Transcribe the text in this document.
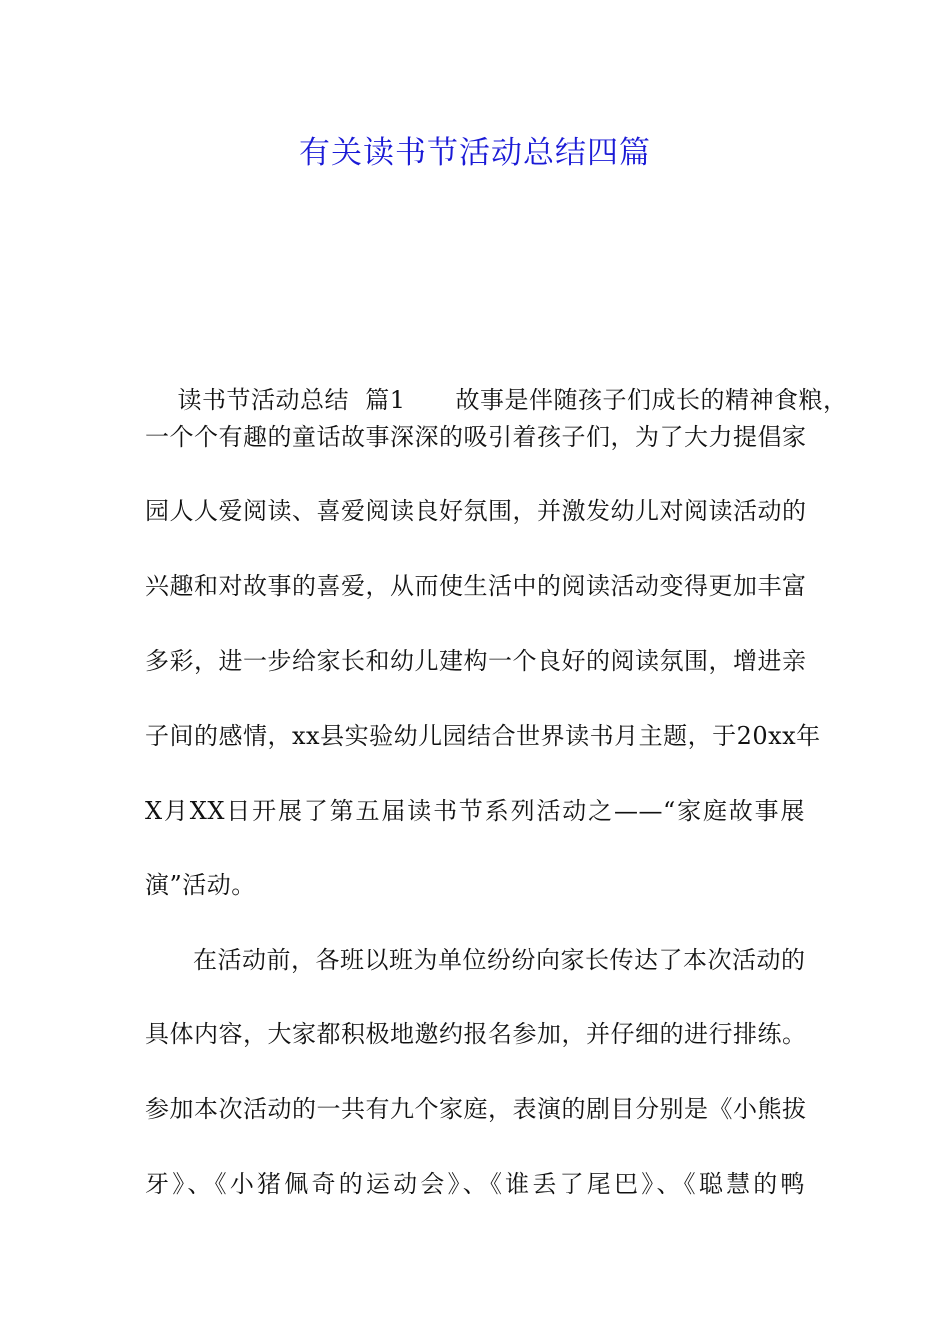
有关读书节活动总结四篇

读书节活动总结  篇1 故事是伴随孩子们成长的精神食粮，

一个个有趣的童话故事深深的吸引着孩子们，为了大力提倡家
园人人爱阅读、喜爱阅读良好氛围，并激发幼儿对阅读活动的
兴趣和对故事的喜爱，从而使生活中的阅读活动变得更加丰富
多彩，进一步给家长和幼儿建构一个良好的阅读氛围，增进亲
子间的感情，xx县实验幼儿园结合世界读书月主题，于20xx年
X月XX日开展了第五届读书节系列活动之——“家庭故事展
演”活动。
在活动前，各班以班为单位纷纷向家长传达了本次活动的
具体内容，大家都积极地邀约报名参加，并仔细的进行排练。
参加本次活动的一共有九个家庭，表演的剧目分别是《小熊拔
牙》、《小猪佩奇的运动会》、《谁丢了尾巴》、《聪慧的鸭
